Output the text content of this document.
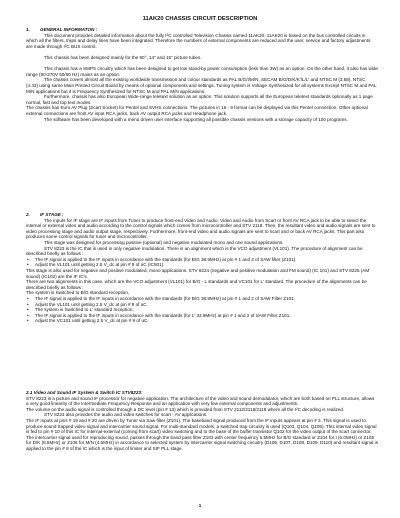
11AK20 CHASSIS CIRCUIT DESCRIPTION

1. GENERAL INFORMATON :

This document provides detailed information about the fully I²C controlled Television Chassis named 11AK20. 11AK20 is based on the bus controlled circuits in which all the filters, traps and delay lines have been integrated. Therefore the numbers of external components are reduced and the user, service and factory adjustments are made through I²C BUS control.

This chassis has been designed mainly for the 90°, 14" and 15" picture tubes.

This chassis has a SMPS circuitry which has been designed to get low stand-by power consumption (less than 3W) as an option. On the other hand, it also has wide range (90-270V 50/60 Hz) mains as an option.

The chassis covers almost all the existing worldwide transmission and colour standards as PAL B/G/I/M/N, SECAM B/G/D/K/K'/L/L' and NTSC M (3.58), NTSC (4.43) using same Main Printed Circuit Board by means of optional components and settings. Tuning system is Voltage Synthesized for all systems Except NTSC M and PAL M/N applications but it is Frequency Synthesized for NTSC M and PAL M/N applications.

Furthermore, chassis has also European Wide-range teletext solution as an option. This solution supports all the European teletext standards optionally as 1 page normal, fast and top text modes.

The chassis has Euro AV Plug (Scart Socket) for Pentel and SVHS connections. The pictures in 16 - 9 format can be displayed via this Pentel connection. Other optional external connections are front AV input RCA jacks, back AV output RCA jacks and Headphone jack.

The software has been developed with a menu driven user interface supporting all possible chassis versions with a storage capacity of 100 programs.

2. IF STAGE :

The inputs for IF stage are IF inputs from Tuner to produce front-end Video and Audio. Video and Audio from Scart or front AV RCA jack to be able to select the internal or external video and audio according to the control signals which comes from microcontroller and STV 2118. Then, the resultant video and audio signals are sent to video processing stage and audio output stage, respectively. Furthermore, front-end video and audio signals are sent to scart and or back AV RCA jacks. This part also produces some control signals for tuner and microcontroller.

This stage was designed for processing positive (optional) and negative modulated mono and one sound applications.

STV 8223 is the IC that is used in only negative modulation. There is an alignment which is the VCO adjustment (VL101). The procedure of alignment can be described briefly as follows :

• The IF signal is applied to the IF inputs in accordance with the standards (for B/G 38.9MHz) at pin # 1 and 2 of SAW filter (Z101).

• Adjust the VL101 until getting 2.5 V_dc at pin # 9 of uC (IC501).

This stage is also used for negative and positive modulated, mono applications. STV 8224 (negative and positive modulation and FM sound) (IC 101) and STV 8225 (AM sound) (IC102) are the IF IC's.

There are two alignments in this case, which are the VCO adjustment (VL101) for B/G - L standards and VC101 for L' standard. The procedure of the alignments can be described briefly as follows :

The system is Switched to B/G standard reception,

• The IF signal is applied to the IF inputs in accordance with the standards (for B/G 38.9MHz) at pin # 1 and 2 of SAW Filter Z101.

• Adjust the VL101 until getting 2.5 V_dc at pin # 9 of uC.

• The system is Switched to L' standard reception,

• The IF signal is applied to the IF inputs in accordance with the standards (for L' 33.9MHz) at pin # 1 and 2 of SAW Filter Z101.

• Adjust the VC101 until getting 2.5 V_dc at pin # 9 of uC.

2.1 Video and Sound IF System & Switch IC STV8223:

STV 8223 is a picture and sound IF processor for negative application. The architecture of the video and sound demodulator, which are both based on PLL structure, allows a very good linearity of the Intermediate Frequency Response and an application with very few external components and adjustments.

The volume on the audio signal is controlled through a DC level (pin # 13) which is provided from STV 2112/2116/2118 where all the I²C decoding is realized.

STV 8223 also provides the audio and video switches for scart - AV applications.

The IF inputs at pins # 19 and # 20 are driven by Tuner via Saw filter (Z101). The baseband signal produced from the IF inputs appears at pin # 3. This signal is used to produce sound trapped video signal and intercarrier sound signal. For multi-standard models, a switched trap circuitry is used (Q103, Q104, Q105). This internal video signal is fed to pin # 10 of this IC for internal-external (coming from scart) video switching and to the base of the buffer transistor Q102 for the video output of the scart connector. The intercarrier signal used for reproducing sound, passes through the band pass filter Z103 with center frequency 5.5MHz for B/G standard or Z104 for I (6.0MHz) or Z105 for D/K (6.5MHz) or Z106 for M/N (4.5MHz) in accordance to selected system by intercarrier signal switching circuitry (D106, D107, D108, D109, D110) and resultant signal is applied to the pin # 8 of the IC which is the input of limiter and SIF PLL stage.

1
